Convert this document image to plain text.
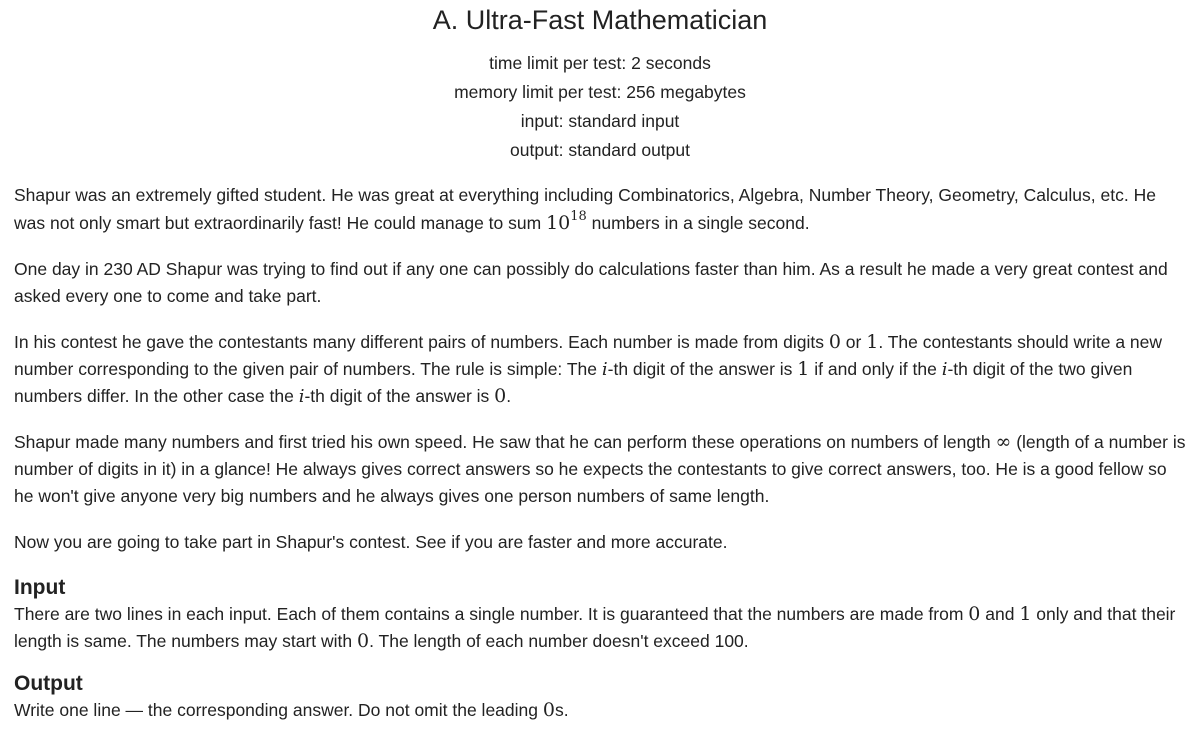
A. Ultra-Fast Mathematician
time limit per test: 2 seconds
memory limit per test: 256 megabytes
input: standard input
output: standard output

Shapur was an extremely gifted student. He was great at everything including Combinatorics, Algebra, Number Theory, Geometry, Calculus, etc. He was not only smart but extraordinarily fast! He could manage to sum $10^{18}$ numbers in a single second.

One day in 230 AD Shapur was trying to find out if any one can possibly do calculations faster than him. As a result he made a very great contest and asked every one to come and take part.

In his contest he gave the contestants many different pairs of numbers. Each number is made from digits 0 or 1. The contestants should write a new number corresponding to the given pair of numbers. The rule is simple: The i-th digit of the answer is 1 if and only if the i-th digit of the two given numbers differ. In the other case the i-th digit of the answer is 0.

Shapur made many numbers and first tried his own speed. He saw that he can perform these operations on numbers of length ∞ (length of a number is number of digits in it) in a glance! He always gives correct answers so he expects the contestants to give correct answers, too. He is a good fellow so he won't give anyone very big numbers and he always gives one person numbers of same length.

Now you are going to take part in Shapur's contest. See if you are faster and more accurate.

Input

There are two lines in each input. Each of them contains a single number. It is guaranteed that the numbers are made from 0 and 1 only and that their length is same. The numbers may start with 0. The length of each number doesn't exceed 100.

Output

Write one line — the corresponding answer. Do not omit the leading 0s.
